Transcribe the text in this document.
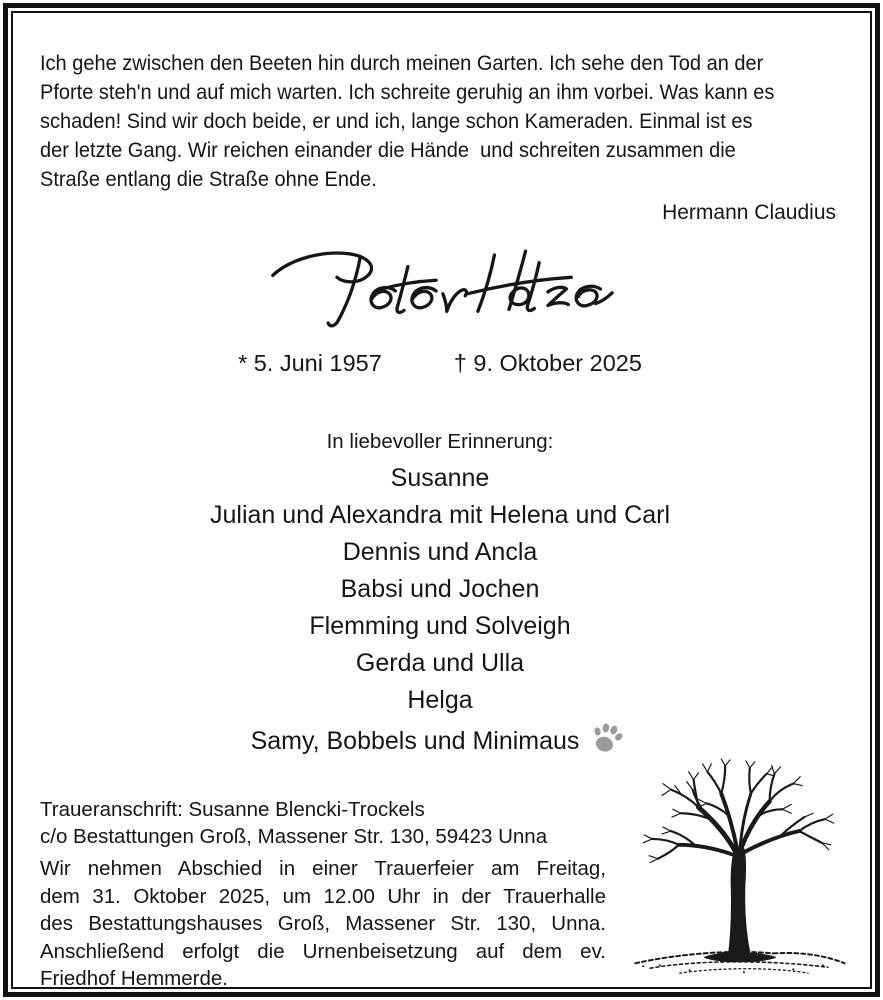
Ich gehe zwischen den Beeten hin durch meinen Garten. Ich sehe den Tod an der
Pforte steh'n und auf mich warten. Ich schreite geruhig an ihm vorbei. Was kann es
schaden! Sind wir doch beide, er und ich, lange schon Kameraden. Einmal ist es
der letzte Gang. Wir reichen einander die Hände  und schreiten zusammen die
Straße entlang die Straße ohne Ende.
Hermann Claudius
* 5. Juni 1957	† 9. Oktober 2025
In liebevoller Erinnerung:
Susanne
Julian und Alexandra mit Helena und Carl
Dennis und Ancla
Babsi und Jochen
Flemming und Solveigh
Gerda und Ulla
Helga
Samy, Bobbels und Minimaus
Traueranschrift: Susanne Blencki-Trockels
c/o Bestattungen Groß, Massener Str. 130, 59423 Unna
Wir nehmen Abschied in einer Trauerfeier am Freitag,
dem 31. Oktober 2025, um 12.00 Uhr in der Trauerhalle
des Bestattungshauses Groß, Massener Str. 130, Unna.
Anschließend erfolgt die Urnenbeisetzung auf dem ev.
Friedhof Hemmerde.
